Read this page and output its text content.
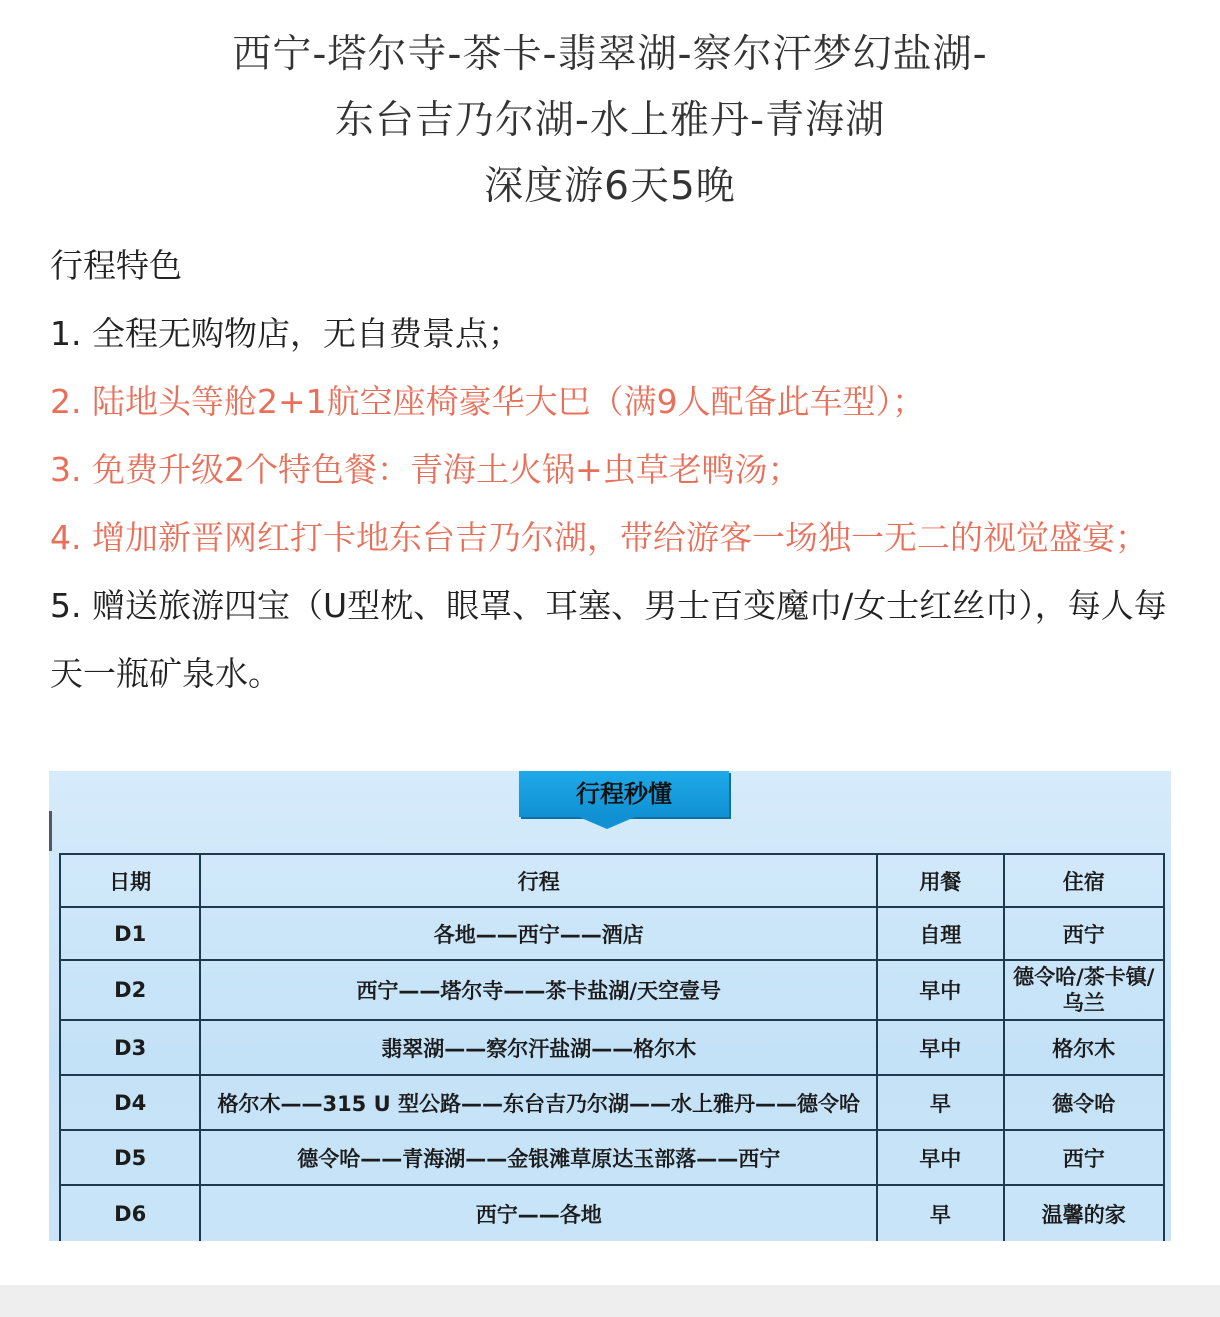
西宁-塔尔寺-茶卡-翡翠湖-察尔汗梦幻盐湖-
东台吉乃尔湖-水上雅丹-青海湖
深度游6天5晚
行程特色
1. 全程无购物店，无自费景点；
2. 陆地头等舱2+1航空座椅豪华大巴（满9人配备此车型）；
3. 免费升级2个特色餐：青海土火锅+虫草老鸭汤；
4. 增加新晋网红打卡地东台吉乃尔湖，带给游客一场独一无二的视觉盛宴；
5. 赠送旅游四宝（U型枕、眼罩、耳塞、男士百变魔巾/女士红丝巾），每人每天一瓶矿泉水。
行程秒懂
日期	行程	用餐	住宿
D1	各地——西宁——酒店	自理	西宁
D2	西宁——塔尔寺——茶卡盐湖/天空壹号	早中	德令哈/茶卡镇/乌兰
D3	翡翠湖——察尔汗盐湖——格尔木	早中	格尔木
D4	格尔木——315 U 型公路——东台吉乃尔湖——水上雅丹——德令哈	早	德令哈
D5	德令哈——青海湖——金银滩草原达玉部落——西宁	早中	西宁
D6	西宁——各地	早	温馨的家
